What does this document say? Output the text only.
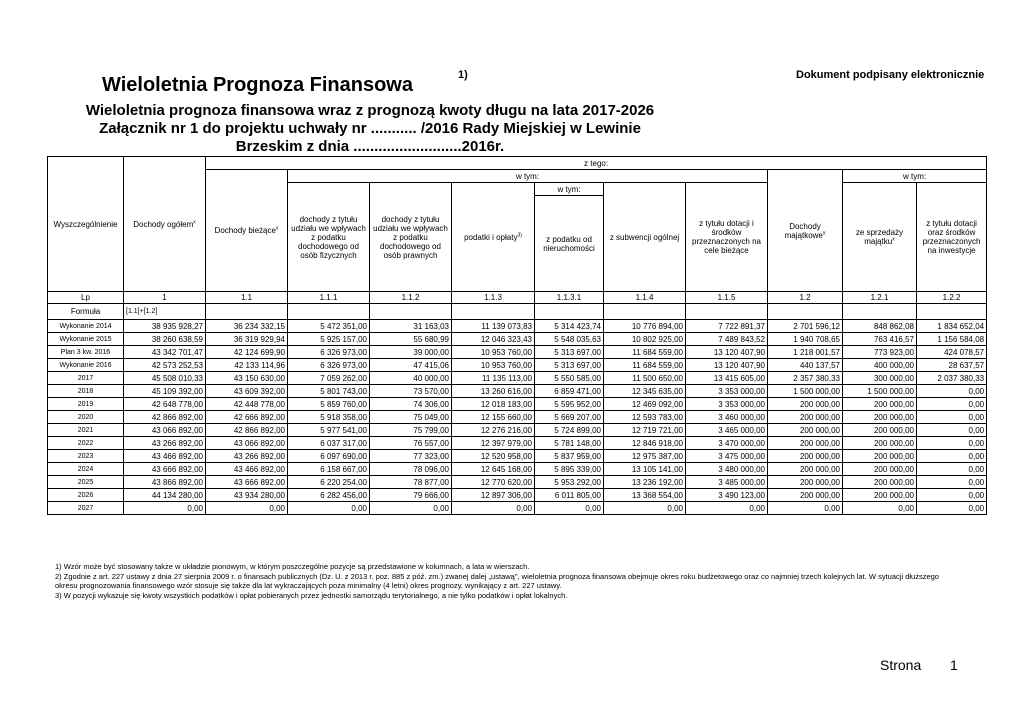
Wieloletnia Prognoza Finansowa	1)	Dokument podpisany elektronicznie
Wieloletnia prognoza finansowa wraz z prognozą kwoty długu na lata 2017-2026
Załącznik nr 1 do projektu uchwały nr ........... /2016 Rady Miejskiej w Lewinie
Brzeskim z dnia ..........................2016r.
Wyszczególnienie	Dochody ogółem$^x$	z tego:									
		Dochody bieżące$^x$	w tym:						Dochody majątkowe$^x$	w tym:	
			dochody z tytułu udziału we wpływach z podatku dochodowego od osób fizycznych	dochody z tytułu udziału we wpływach z podatku dochodowego od osób prawnych	podatki i opłaty$^{3)}$	w tym:	z subwencji ogólnej	z tytułu dotacji i środków przeznaczonych na cele bieżące		ze sprzedaży majątku$^x$	z tytułu dotacji oraz środków przeznaczonych na inwestycje
						z podatku od nieruchomości					
Lp	1	1.1	1.1.1	1.1.2	1.1.3	1.1.3.1	1.1.4	1.1.5	1.2	1.2.1	1.2.2
Formuła	[1.1]+[1.2]										
Wykonanie 2014	38 935 928,27	36 234 332,15	5 472 351,00	31 163,03	11 139 073,83	5 314 423,74	10 776 894,00	7 722 891,37	2 701 596,12	848 862,08	1 834 652,04
Wykonanie 2015	38 260 638,59	36 319 929,94	5 925 157,00	55 680,99	12 046 323,43	5 548 035,63	10 802 925,00	7 489 843,52	1 940 708,65	763 416,57	1 156 584,08
Plan 3 kw. 2016	43 342 701,47	42 124 699,90	6 326 973,00	39 000,00	10 953 760,00	5 313 697,00	11 684 559,00	13 120 407,90	1 218 001,57	773 923,00	424 078,57
Wykonanie 2016	42 573 252,53	42 133 114,96	6 326 973,00	47 415,06	10 953 760,00	5 313 697,00	11 684 559,00	13 120 407,90	440 137,57	400 000,00	28 637,57
2017	45 508 010,33	43 150 630,00	7 059 262,00	40 000,00	11 135 113,00	5 550 585,00	11 500 650,00	13 415 605,00	2 357 380,33	300 000,00	2 037 380,33
2018	45 109 392,00	43 609 392,00	5 801 743,00	73 570,00	13 260 616,00	6 859 471,00	12 345 635,00	3 353 000,00	1 500 000,00	1 500 000,00	0,00
2019	42 648 778,00	42 448 778,00	5 859 760,00	74 306,00	12 018 183,00	5 595 952,00	12 469 092,00	3 353 000,00	200 000,00	200 000,00	0,00
2020	42 866 892,00	42 666 892,00	5 918 358,00	75 049,00	12 155 660,00	5 669 207,00	12 593 783,00	3 460 000,00	200 000,00	200 000,00	0,00
2021	43 066 892,00	42 866 892,00	5 977 541,00	75 799,00	12 276 216,00	5 724 899,00	12 719 721,00	3 465 000,00	200 000,00	200 000,00	0,00
2022	43 266 892,00	43 066 892,00	6 037 317,00	76 557,00	12 397 979,00	5 781 148,00	12 846 918,00	3 470 000,00	200 000,00	200 000,00	0,00
2023	43 466 892,00	43 266 892,00	6 097 690,00	77 323,00	12 520 958,00	5 837 959,00	12 975 387,00	3 475 000,00	200 000,00	200 000,00	0,00
2024	43 666 892,00	43 466 892,00	6 158 667,00	78 096,00	12 645 168,00	5 895 339,00	13 105 141,00	3 480 000,00	200 000,00	200 000,00	0,00
2025	43 866 892,00	43 666 892,00	6 220 254,00	78 877,00	12 770 620,00	5 953 292,00	13 236 192,00	3 485 000,00	200 000,00	200 000,00	0,00
2026	44 134 280,00	43 934 280,00	6 282 456,00	79 666,00	12 897 306,00	6 011 805,00	13 368 554,00	3 490 123,00	200 000,00	200 000,00	0,00
2027	0,00	0,00	0,00	0,00	0,00	0,00	0,00	0,00	0,00	0,00	0,00
1) Wzór może być stosowany także w układzie pionowym, w którym poszczególne pozycje są przedstawione w kolumnach, a lata w wierszach.
2) Zgodnie z art. 227 ustawy z dnia 27 sierpnia 2009 r. o finansach publicznych (Dz. U. z 2013 r. poz. 885 z póź. zm.) zwanej dalej „ustawą", wieloletnia prognoza finansowa obejmuje okres roku budżetowego oraz co najmniej trzech kolejnych lat. W sytuacji dłuższego okresu prognozowania finansowego wzór stosuje się także dla lat wykraczających poza minimalny (4 letni) okres prognozy, wynikający z art. 227 ustawy.
3) W pozycji wykazuje się kwoty wszystkich podatków i opłat pobieranych przez jednostki samorządu terytorialnego, a nie tylko podatków i opłat lokalnych.
Strona 1
